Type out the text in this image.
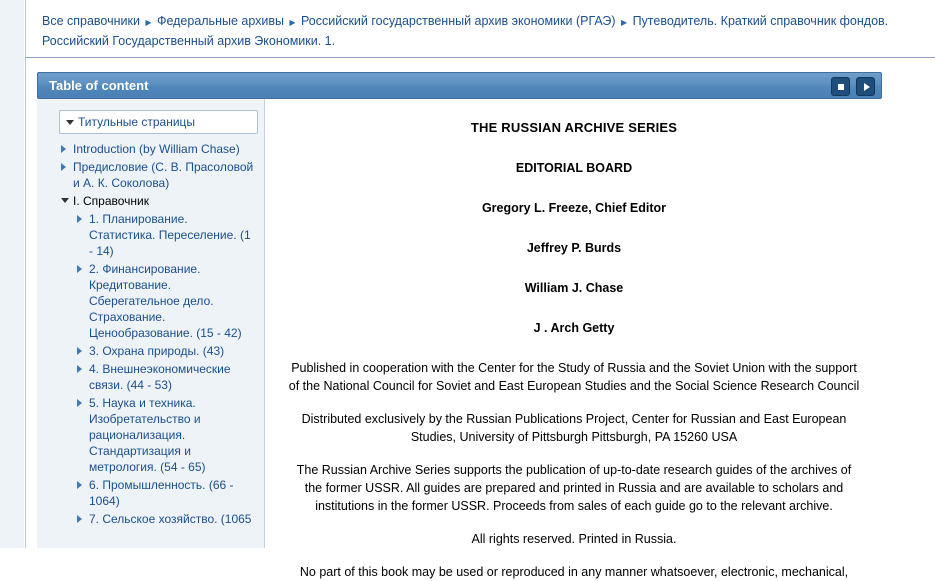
Все справочники ▶ Федеральные архивы ▶ Российский государственный архив экономики (РГАЭ) ▶ Путеводитель. Краткий справочник фондов. Российский Государственный архив Экономики. 1.
Table of content
Титульные страницы
Introduction (by William Chase)
Предисловие (С. В. Прасоловой и А. К. Соколова)
I. Справочник
1. Планирование. Статистика. Переселение. (1 - 14)
2. Финансирование. Кредитование. Сберегательное дело. Страхование. Ценообразование. (15 - 42)
3. Охрана природы. (43)
4. Внешнеэкономические связи. (44 - 53)
5. Наука и техника. Изобретательство и рационализация. Стандартизация и метрология. (54 - 65)
6. Промышленность. (66 - 1064)
7. Сельское хозяйство. (1065
THE RUSSIAN ARCHIVE SERIES
EDITORIAL BOARD
Gregory L. Freeze, Chief Editor
Jeffrey P. Burds
William J. Chase
J . Arch Getty

Published in cooperation with the Center for the Study of Russia and the Soviet Union with the support of the National Council for Soviet and East European Studies and the Social Science Research Council

Distributed exclusively by the Russian Publications Project, Center for Russian and East European Studies, University of Pittsburgh Pittsburgh, PA 15260 USA

The Russian Archive Series supports the publication of up-to-date research guides of the archives of the former USSR. All guides are prepared and printed in Russia and are available to scholars and institutions in the former USSR. Proceeds from sales of each guide go to the relevant archive.

All rights reserved. Printed in Russia.

No part of this book may be used or reproduced in any manner whatsoever, electronic, mechanical,
